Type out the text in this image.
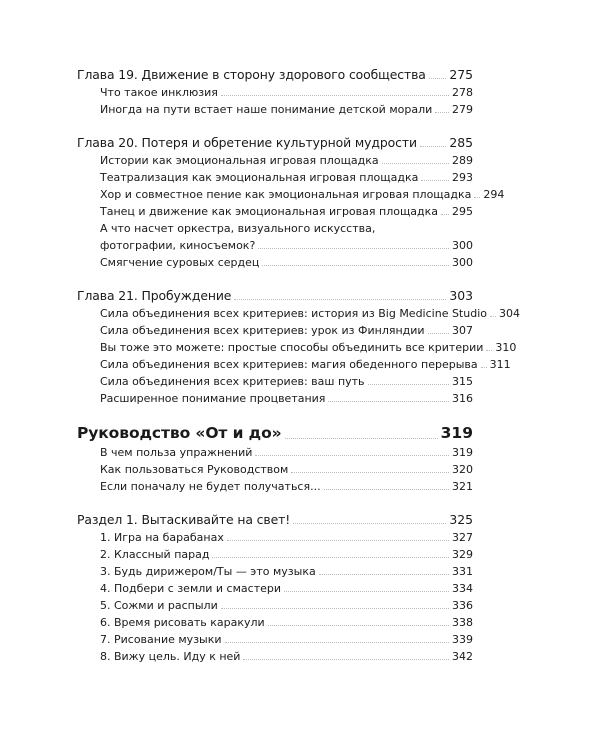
Глава 19. Движение в сторону здорового сообщества 275
Что такое инклюзия	278
Иногда на пути встает наше понимание детской морали 279
Глава 20. Потеря и обретение культурной мудрости	285
Истории как эмоциональная игровая площадка	289
Театрализация как эмоциональная игровая площадка	293
Хор и совместное пение как эмоциональная игровая площадка 294
Танец и движение как эмоциональная игровая площадка 295
А что насчет оркестра, визуального искусства,
фотографии, киносъемок?	300
Смягчение суровых сердец	300
Глава 21. Пробуждение	303
Сила объединения всех критериев: история из Big Medicine Studio 304
Сила объединения всех критериев: урок из Финляндии 307
Вы тоже это можете: простые способы объединить все критерии 310
Сила объединения всех критериев: магия обеденного перерыва 311
Сила объединения всех критериев: ваш путь	315
Расширенное понимание процветания	316
Руководство «От и до»	319
В чем польза упражнений	319
Как пользоваться Руководством	320
Если поначалу не будет получаться...	321
Раздел 1. Вытаскивайте на свет!	325
1. Игра на барабанах	327
2. Классный парад	329
3. Будь дирижером/Ты — это музыка	331
4. Подбери с земли и смастери	334
5. Сожми и распыли	336
6. Время рисовать каракули	338
7. Рисование музыки	339
8. Вижу цель. Иду к ней	342
